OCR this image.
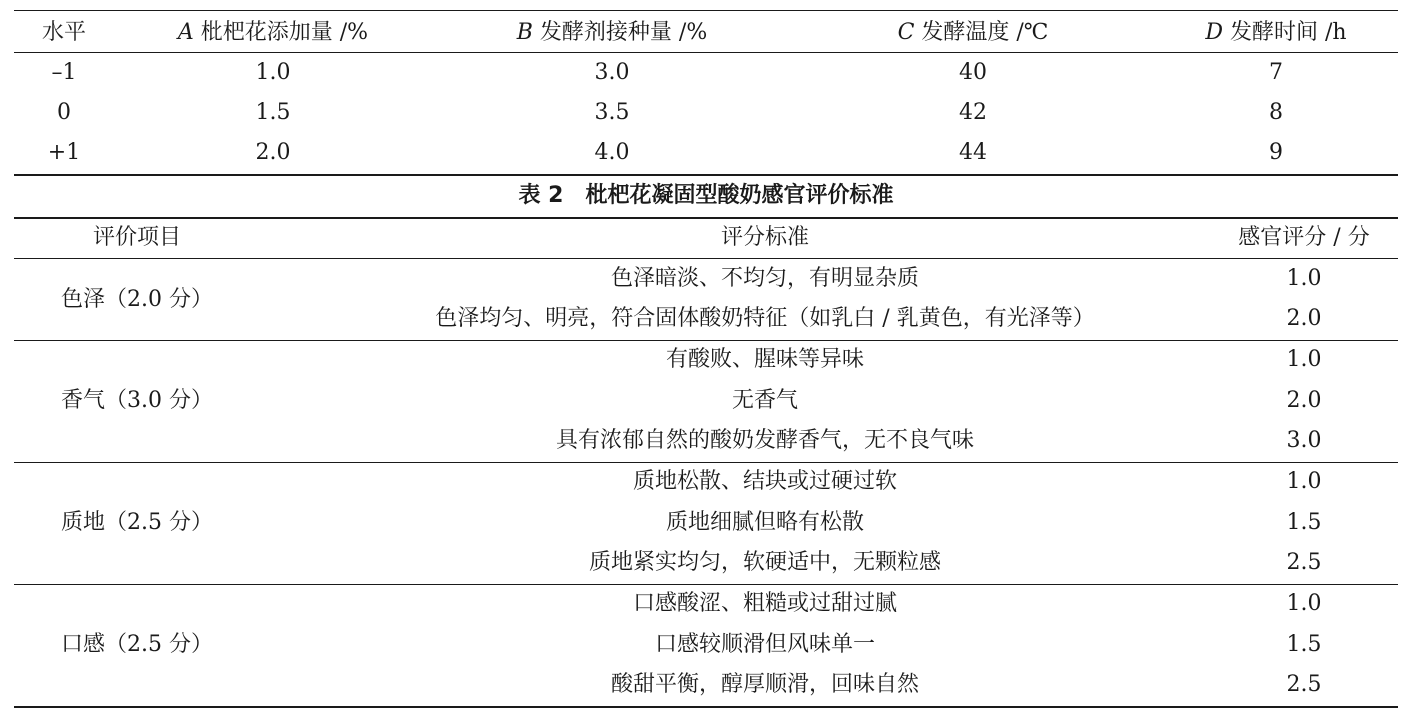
水平	A 枇杷花添加量 /%	B 发酵剂接种量 /%	C 发酵温度 /℃	D 发酵时间 /h
–1	1.0	3.0	40	7
0	1.5	3.5	42	8
+1	2.0	4.0	44	9
表 2 枇杷花凝固型酸奶感官评价标准
评价项目	评分标准	感官评分 / 分
色泽（2.0 分）
色泽暗淡、不均匀，有明显杂质	1.0
色泽均匀、明亮，符合固体酸奶特征（如乳白 / 乳黄色，有光泽等）	2.0
香气（3.0 分）
有酸败、腥味等异味	1.0
无香气	2.0
具有浓郁自然的酸奶发酵香气，无不良气味	3.0
质地（2.5 分）
质地松散、结块或过硬过软	1.0
质地细腻但略有松散	1.5
质地紧实均匀，软硬适中，无颗粒感	2.5
口感（2.5 分）
口感酸涩、粗糙或过甜过腻	1.0
口感较顺滑但风味单一	1.5
酸甜平衡，醇厚顺滑，回味自然	2.5
